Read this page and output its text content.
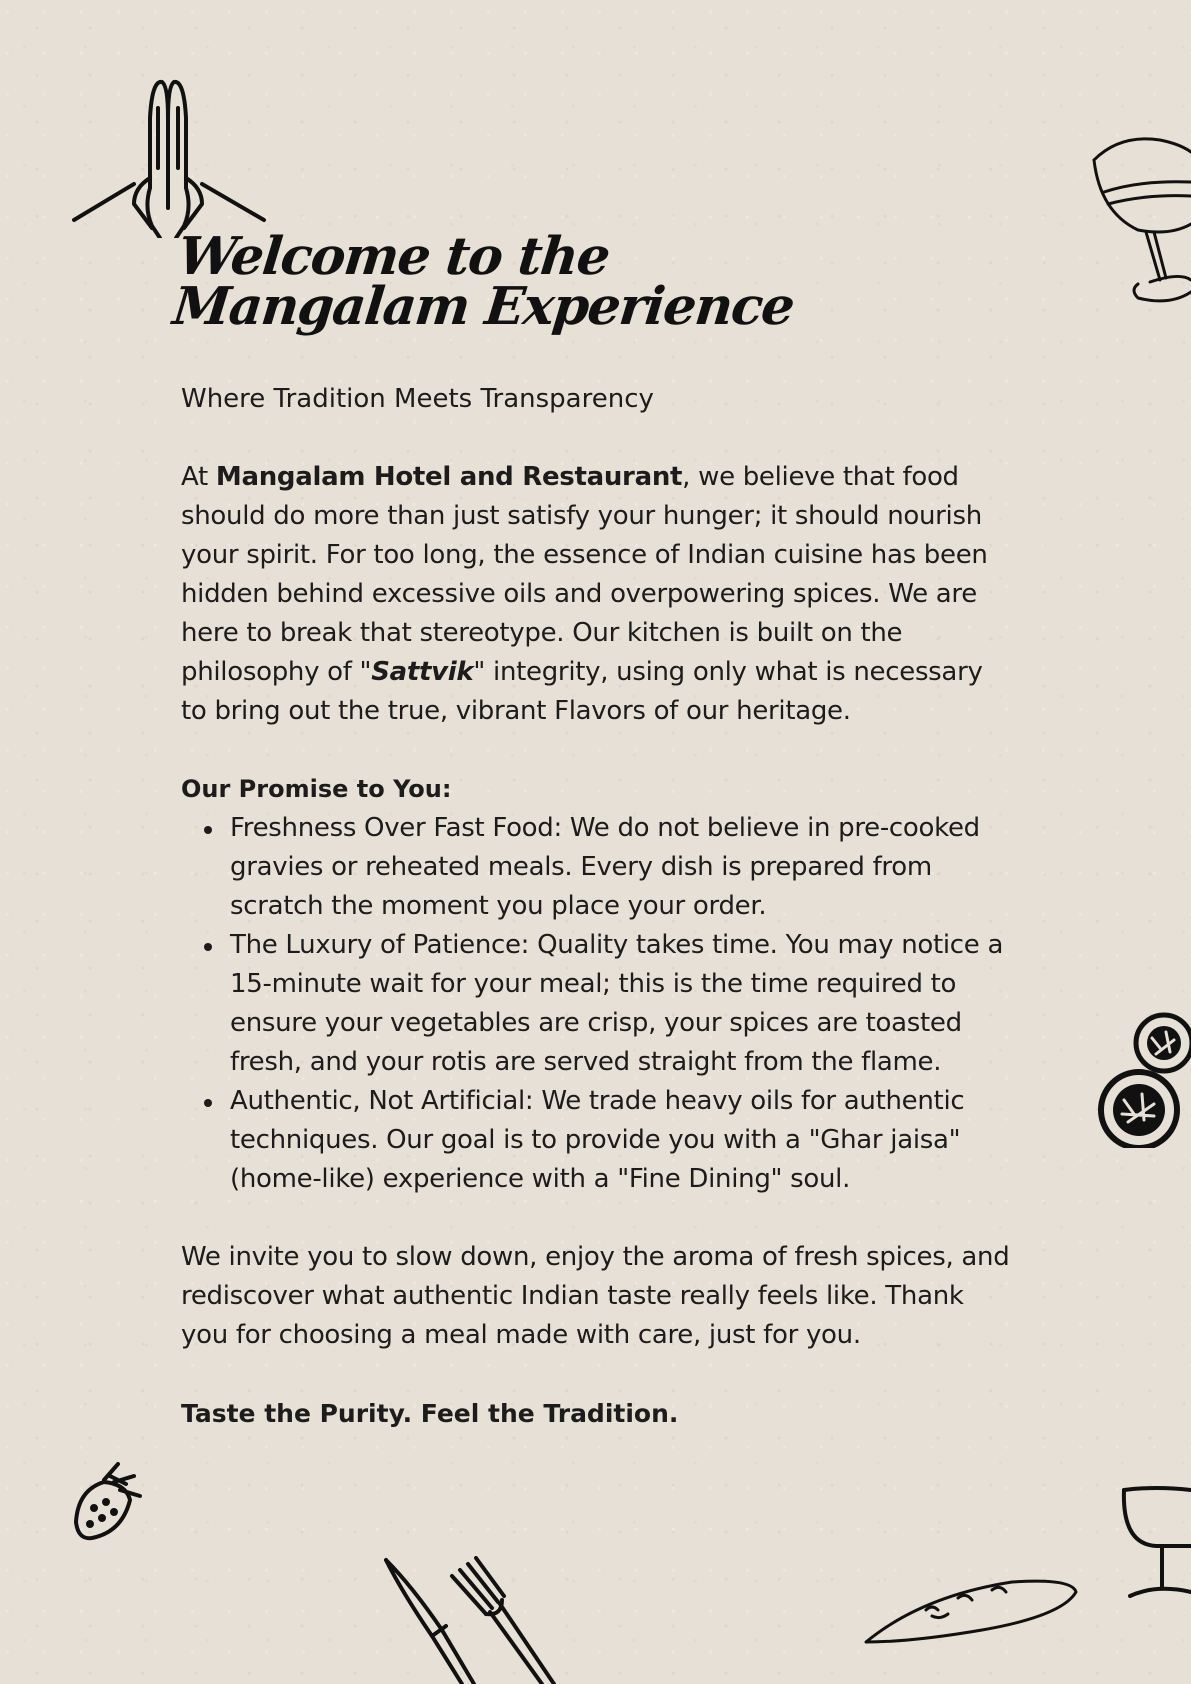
Welcome to the Mangalam Experience

Where Tradition Meets Transparency

At Mangalam Hotel and Restaurant, we believe that food should do more than just satisfy your hunger; it should nourish your spirit. For too long, the essence of Indian cuisine has been hidden behind excessive oils and overpowering spices. We are here to break that stereotype. Our kitchen is built on the philosophy of "Sattvik" integrity, using only what is necessary to bring out the true, vibrant Flavors of our heritage.

Our Promise to You:

Freshness Over Fast Food: We do not believe in pre-cooked gravies or reheated meals. Every dish is prepared from scratch the moment you place your order.
The Luxury of Patience: Quality takes time. You may notice a 15-minute wait for your meal; this is the time required to ensure your vegetables are crisp, your spices are toasted fresh, and your rotis are served straight from the flame.
Authentic, Not Artificial: We trade heavy oils for authentic techniques. Our goal is to provide you with a "Ghar jaisa" (home-like) experience with a "Fine Dining" soul.

We invite you to slow down, enjoy the aroma of fresh spices, and rediscover what authentic Indian taste really feels like. Thank you for choosing a meal made with care, just for you.

Taste the Purity. Feel the Tradition.
